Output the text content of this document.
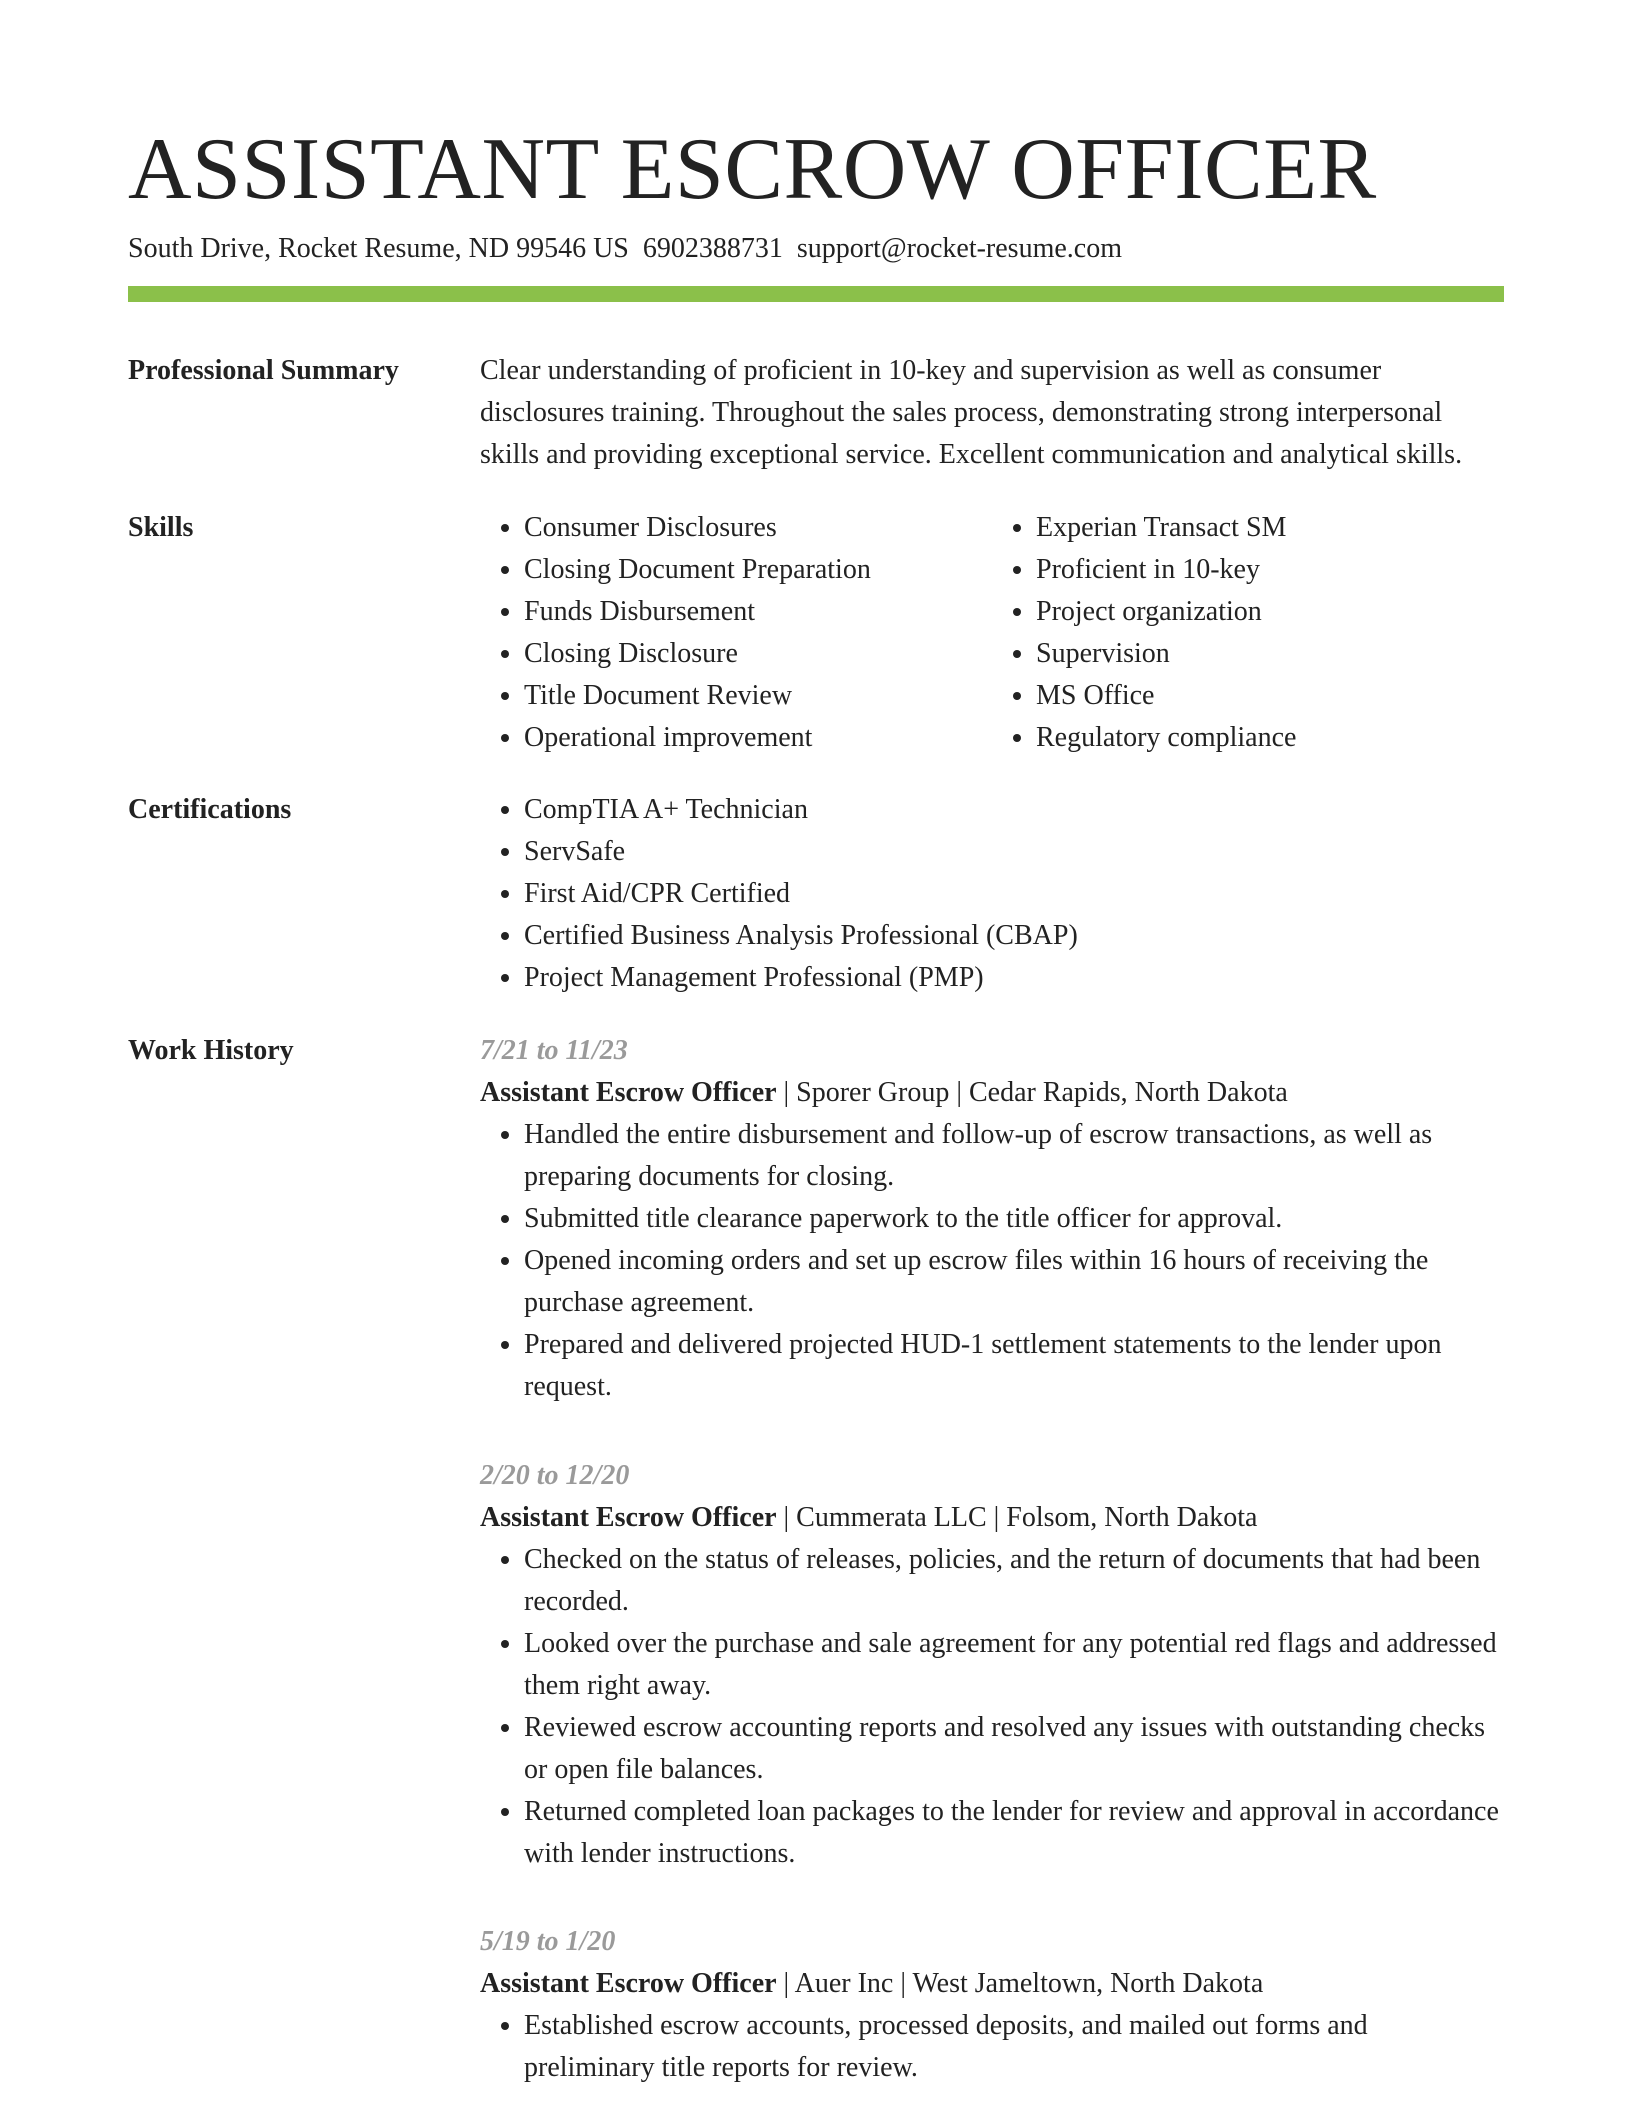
ASSISTANT ESCROW OFFICER
South Drive, Rocket Resume, ND 99546 US 6902388731 support@rocket-resume.com
Professional Summary	Clear understanding of proficient in 10-key and supervision as well as consumer disclosures training. Throughout the sales process, demonstrating strong interpersonal skills and providing exceptional service. Excellent communication and analytical skills.

Skills	• Consumer Disclosures
• Closing Document Preparation
• Funds Disbursement
• Closing Disclosure
• Title Document Review
• Operational improvement
• Experian Transact SM
• Proficient in 10-key
• Project organization
• Supervision
• MS Office
• Regulatory compliance
Certifications	• CompTIA A+ Technician
• ServSafe
• First Aid/CPR Certified
• Certified Business Analysis Professional (CBAP)
• Project Management Professional (PMP)
Work History	7/21 to 11/23
Assistant Escrow Officer | Sporer Group | Cedar Rapids, North Dakota
• Handled the entire disbursement and follow-up of escrow transactions, as well as preparing documents for closing.
• Submitted title clearance paperwork to the title officer for approval.
• Opened incoming orders and set up escrow files within 16 hours of receiving the purchase agreement.
• Prepared and delivered projected HUD-1 settlement statements to the lender upon request.
2/20 to 12/20
Assistant Escrow Officer | Cummerata LLC | Folsom, North Dakota
• Checked on the status of releases, policies, and the return of documents that had been recorded.
• Looked over the purchase and sale agreement for any potential red flags and addressed them right away.
• Reviewed escrow accounting reports and resolved any issues with outstanding checks or open file balances.
• Returned completed loan packages to the lender for review and approval in accordance with lender instructions.
5/19 to 1/20
Assistant Escrow Officer | Auer Inc | West Jameltown, North Dakota
• Established escrow accounts, processed deposits, and mailed out forms and preliminary title reports for review.
